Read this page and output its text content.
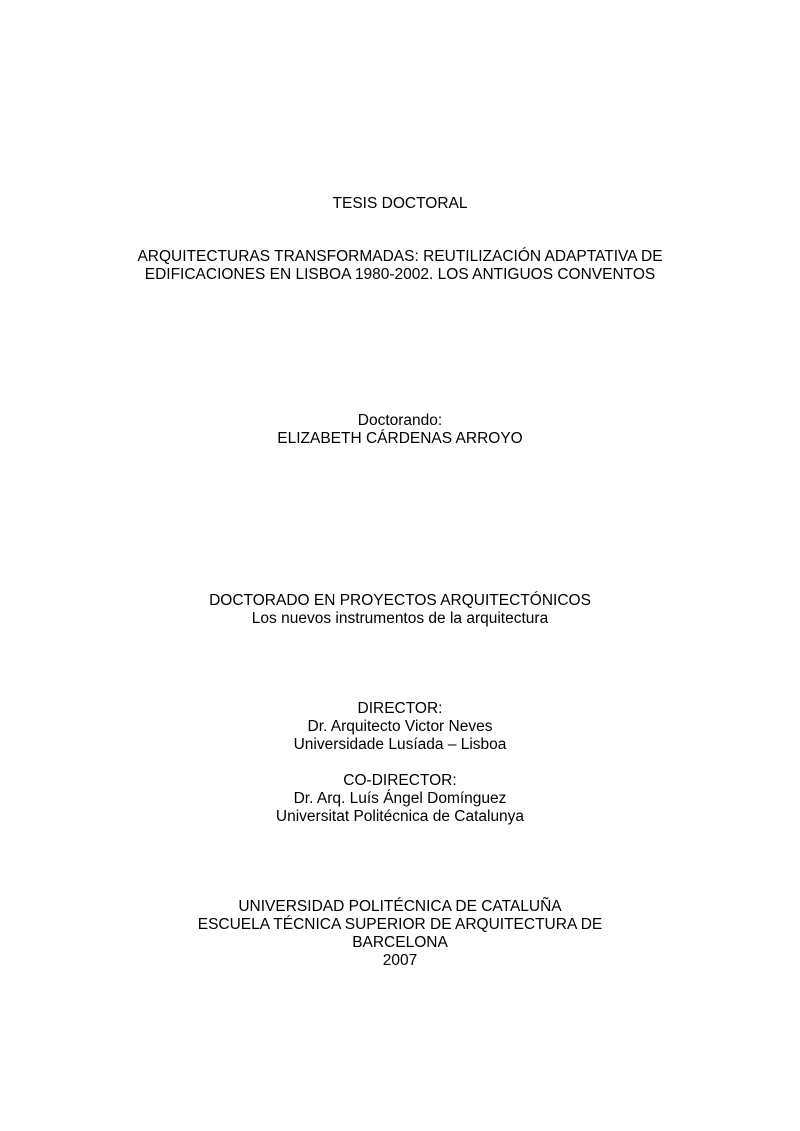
TESIS DOCTORAL
ARQUITECTURAS TRANSFORMADAS: REUTILIZACIÓN ADAPTATIVA DE
EDIFICACIONES EN LISBOA 1980-2002. LOS ANTIGUOS CONVENTOS
Doctorando:
ELIZABETH CÁRDENAS ARROYO
DOCTORADO EN PROYECTOS ARQUITECTÓNICOS
Los nuevos instrumentos de la arquitectura
DIRECTOR:
Dr. Arquitecto Victor Neves
Universidade Lusíada – Lisboa
CO-DIRECTOR:
Dr. Arq. Luís Ángel Domínguez
Universitat Politécnica de Catalunya
UNIVERSIDAD POLITÉCNICA DE CATALUÑA
ESCUELA TÉCNICA SUPERIOR DE ARQUITECTURA DE
BARCELONA
2007
